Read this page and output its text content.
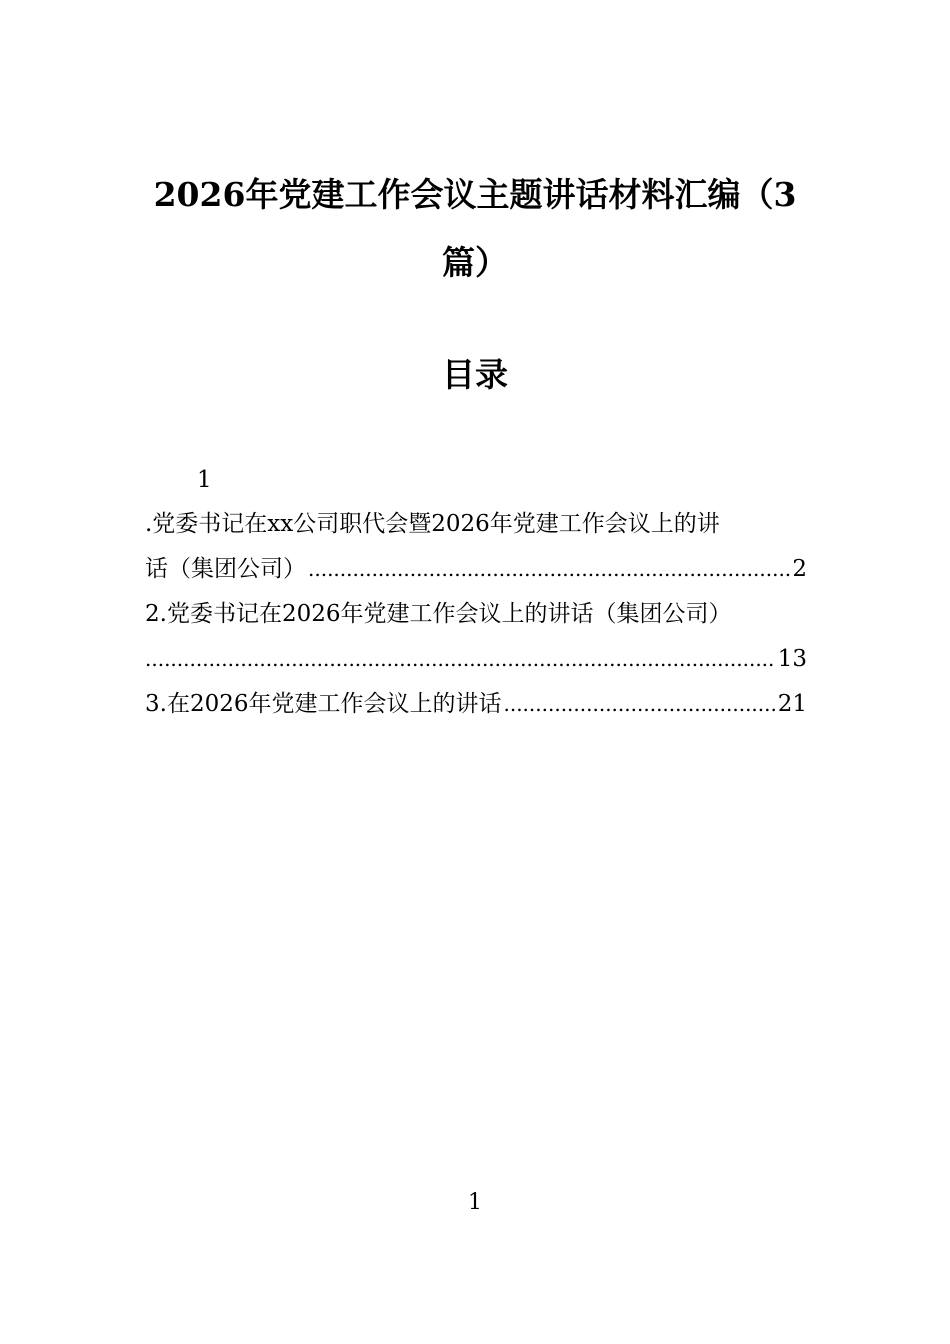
2026年党建工作会议主题讲话材料汇编（3
篇）
目录
1
.党委书记在xx公司职代会暨2026年党建工作会议上的讲
话（集团公司） .....	2
2.党委书记在2026年党建工作会议上的讲话（集团公司）
.....
13
3.在2026年党建工作会议上的讲话 .....	21
1
